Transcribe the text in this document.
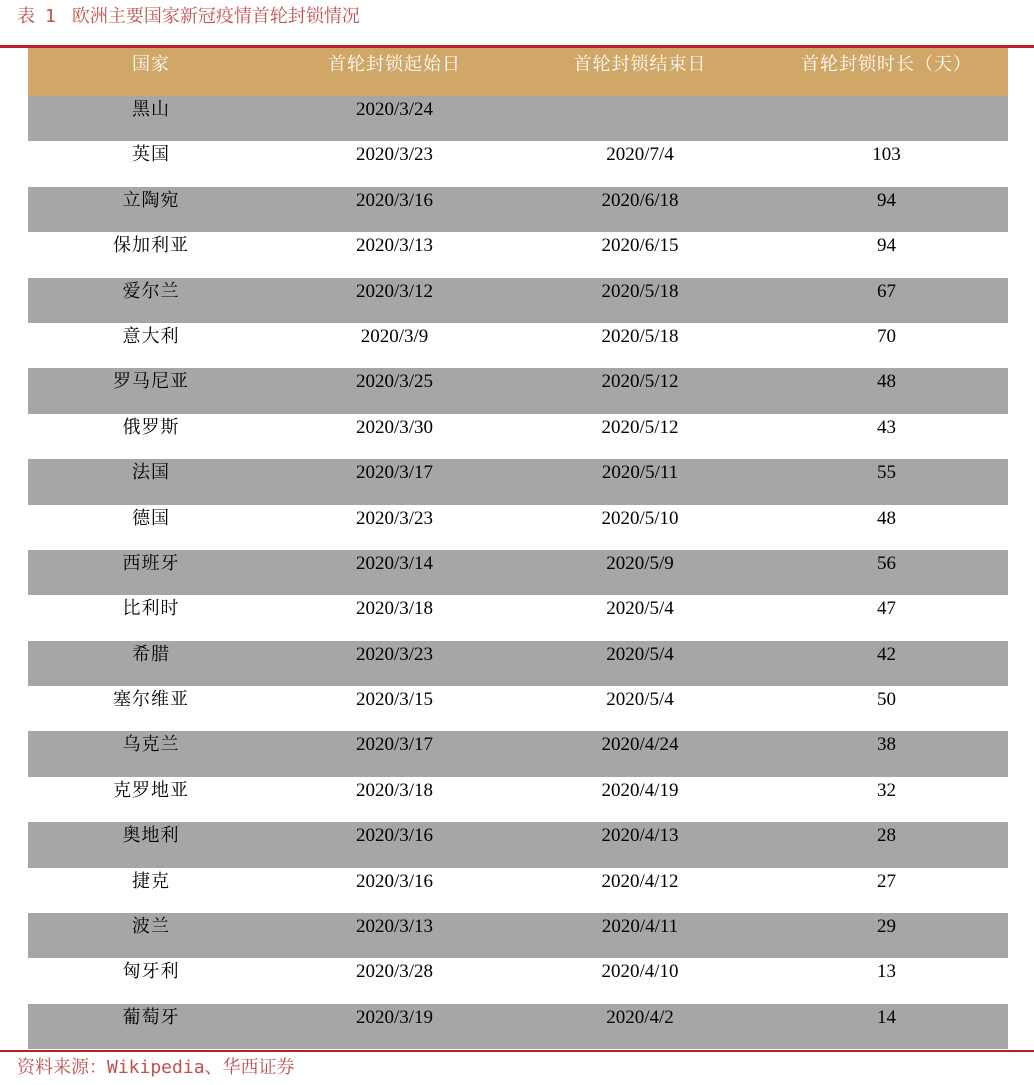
表 1 欧洲主要国家新冠疫情首轮封锁情况
国家	首轮封锁起始日	首轮封锁结束日	首轮封锁时长（天）
黑山	2020/3/24
英国	2020/3/23	2020/7/4	103
立陶宛	2020/3/16	2020/6/18	94
保加利亚	2020/3/13	2020/6/15	94
爱尔兰	2020/3/12	2020/5/18	67
意大利	2020/3/9	2020/5/18	70
罗马尼亚	2020/3/25	2020/5/12	48
俄罗斯	2020/3/30	2020/5/12	43
法国	2020/3/17	2020/5/11	55
德国	2020/3/23	2020/5/10	48
西班牙	2020/3/14	2020/5/9	56
比利时	2020/3/18	2020/5/4	47
希腊	2020/3/23	2020/5/4	42
塞尔维亚	2020/3/15	2020/5/4	50
乌克兰	2020/3/17	2020/4/24	38
克罗地亚	2020/3/18	2020/4/19	32
奥地利	2020/3/16	2020/4/13	28
捷克	2020/3/16	2020/4/12	27
波兰	2020/3/13	2020/4/11	29
匈牙利	2020/3/28	2020/4/10	13
葡萄牙	2020/3/19	2020/4/2	14
资料来源：Wikipedia、华西证券
